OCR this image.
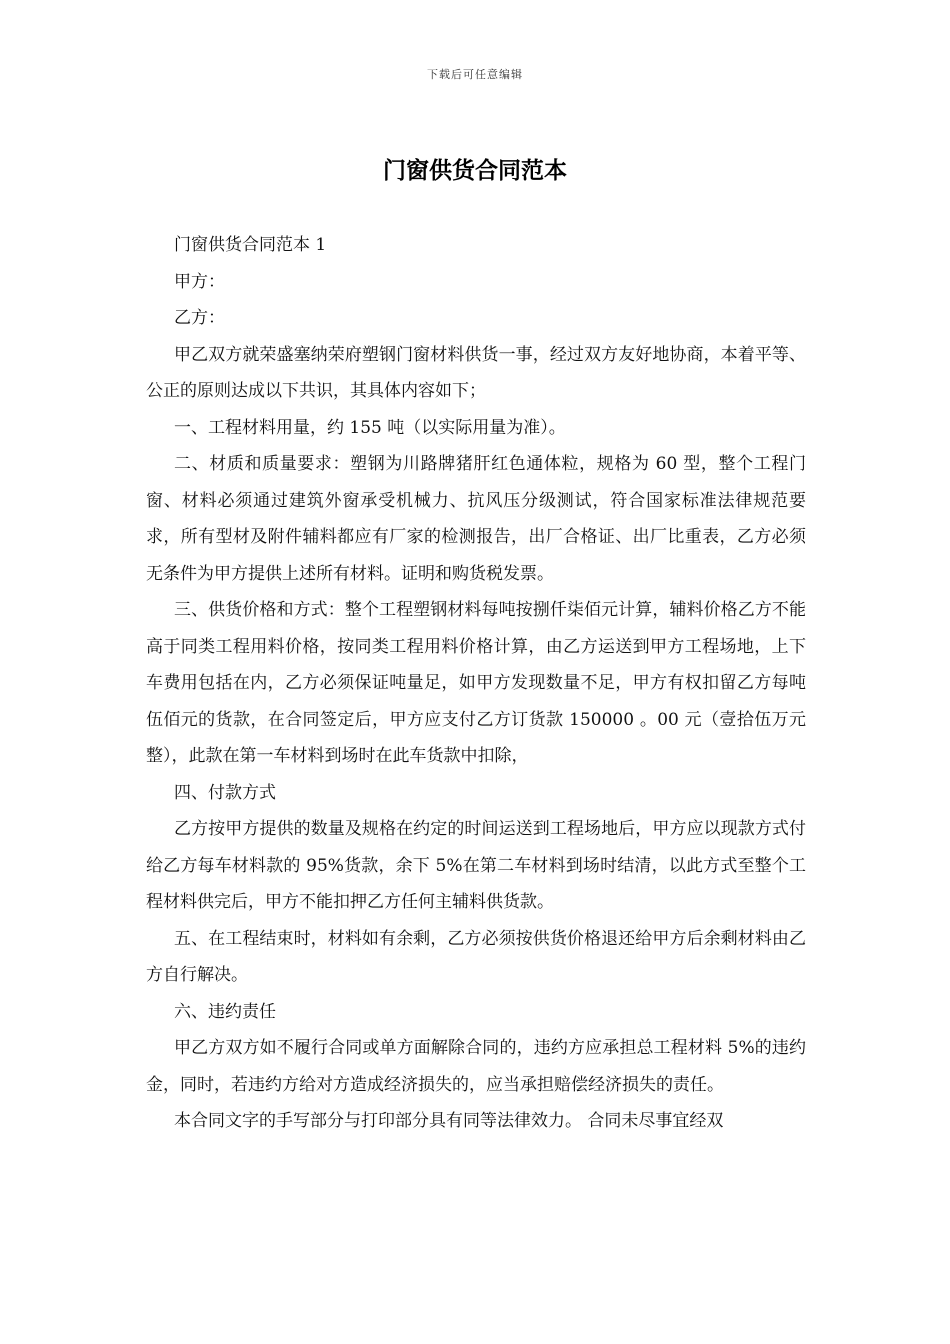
下载后可任意编辑
门窗供货合同范本

门窗供货合同范本 1

甲方：

乙方：

甲乙双方就荣盛塞纳荣府塑钢门窗材料供货一事，经过双方友好地协商，本着平等、公正的原则达成以下共识，其具体内容如下；

一、工程材料用量，约 155 吨（以实际用量为准）。

二、材质和质量要求：塑钢为川路牌猪肝红色通体粒，规格为 60 型，整个工程门窗、材料必须通过建筑外窗承受机械力、抗风压分级测试，符合国家标准法律规范要求，所有型材及附件辅料都应有厂家的检测报告，出厂合格证、出厂比重表，乙方必须无条件为甲方提供上述所有材料。证明和购货税发票。

三、供货价格和方式：整个工程塑钢材料每吨按捌仟柒佰元计算，辅料价格乙方不能高于同类工程用料价格，按同类工程用料价格计算，由乙方运送到甲方工程场地，上下车费用包括在内，乙方必须保证吨量足，如甲方发现数量不足，甲方有权扣留乙方每吨伍佰元的货款，在合同签定后，甲方应支付乙方订货款 150000 。00 元（壹拾伍万元整），此款在第一车材料到场时在此车货款中扣除，

四、付款方式

乙方按甲方提供的数量及规格在约定的时间运送到工程场地后，甲方应以现款方式付给乙方每车材料款的 95%货款，余下 5%在第二车材料到场时结清，以此方式至整个工程材料供完后，甲方不能扣押乙方任何主辅料供货款。

五、在工程结束时，材料如有余剩，乙方必须按供货价格退还给甲方后余剩材料由乙方自行解决。

六、违约责任

甲乙方双方如不履行合同或单方面解除合同的，违约方应承担总工程材料 5%的违约金，同时，若违约方给对方造成经济损失的，应当承担赔偿经济损失的责任。

本合同文字的手写部分与打印部分具有同等法律效力。 合同未尽事宜经双
